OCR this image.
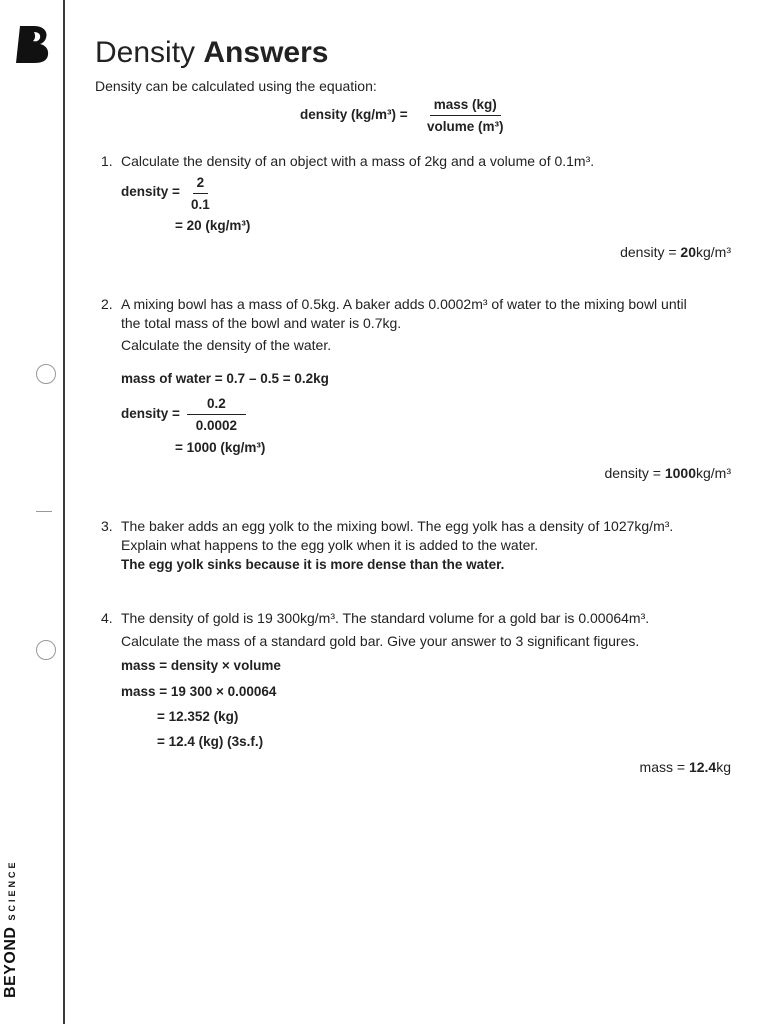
BEYONDSCIENCE
Density Answers
Density can be calculated using the equation:
density (kg/m³) =
mass (kg)
volume (m³)
1. Calculate the density of an object with a mass of 2kg and a volume of 0.1m³.
density = $\frac{2}{0.1}$
= 20 (kg/m³)
density = 20kg/m³
2. A mixing bowl has a mass of 0.5kg. A baker adds 0.0002m³ of water to the mixing bowl until
the total mass of the bowl and water is 0.7kg.
Calculate the density of the water.
mass of water = 0.7 – 0.5 = 0.2kg
density = $\frac{0.2}{0.0002}$
= 1000 (kg/m³)
density = 1000kg/m³
3. The baker adds an egg yolk to the mixing bowl. The egg yolk has a density of 1027kg/m³.
Explain what happens to the egg yolk when it is added to the water.
The egg yolk sinks because it is more dense than the water.
4. The density of gold is 19 300kg/m³. The standard volume for a gold bar is 0.00064m³.
Calculate the mass of a standard gold bar. Give your answer to 3 significant figures.
mass = density × volume
mass = 19 300 × 0.00064
= 12.352 (kg)
= 12.4 (kg) (3s.f.)
mass = 12.4kg
